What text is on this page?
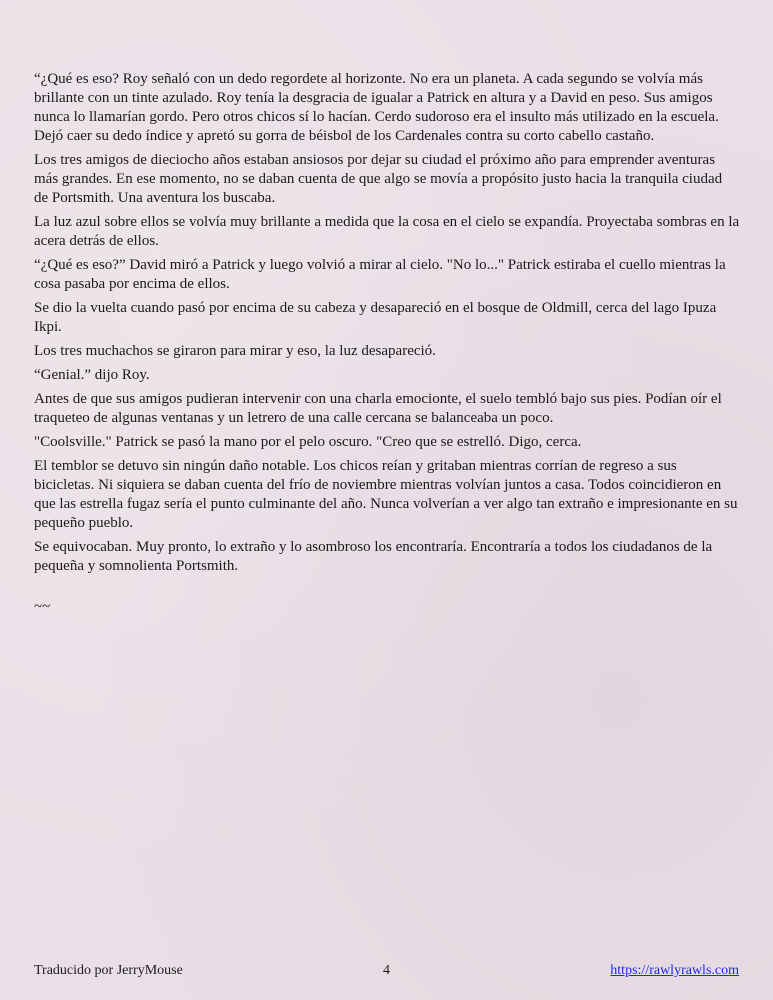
“¿Qué es eso? Roy señaló con un dedo regordete al horizonte. No era un planeta. A cada segundo se volvía más brillante con un tinte azulado. Roy tenía la desgracia de igualar a Patrick en altura y a David en peso. Sus amigos nunca lo llamarían gordo. Pero otros chicos sí lo hacían. Cerdo sudoroso era el insulto más utilizado en la escuela. Dejó caer su dedo índice y apretó su gorra de béisbol de los Cardenales contra su corto cabello castaño.

Los tres amigos de dieciocho años estaban ansiosos por dejar su ciudad el próximo año para emprender aventuras más grandes. En ese momento, no se daban cuenta de que algo se movía a propósito justo hacia la tranquila ciudad de Portsmith. Una aventura los buscaba.

La luz azul sobre ellos se volvía muy brillante a medida que la cosa en el cielo se expandía. Proyectaba sombras en la acera detrás de ellos.

“¿Qué es eso?” David miró a Patrick y luego volvió a mirar al cielo. "No lo..." Patrick estiraba el cuello mientras la cosa pasaba por encima de ellos.

Se dio la vuelta cuando pasó por encima de su cabeza y desapareció en el bosque de Oldmill, cerca del lago Ipuza Ikpi.

Los tres muchachos se giraron para mirar y eso, la luz desapareció.

“Genial.” dijo Roy.

Antes de que sus amigos pudieran intervenir con una charla emocionte, el suelo tembló bajo sus pies. Podían oír el traqueteo de algunas ventanas y un letrero de una calle cercana se balanceaba un poco.

"Coolsville." Patrick se pasó la mano por el pelo oscuro. "Creo que se estrelló. Digo, cerca.

El temblor se detuvo sin ningún daño notable. Los chicos reían y gritaban mientras corrían de regreso a sus bicicletas. Ni siquiera se daban cuenta del frío de noviembre mientras volvían juntos a casa. Todos coincidieron en que las estrella fugaz sería el punto culminante del año. Nunca volverían a ver algo tan extraño e impresionante en su pequeño pueblo.

Se equivocaban. Muy pronto, lo extraño y lo asombroso los encontraría. Encontraría a todos los ciudadanos de la pequeña y somnolienta Portsmith.

~~
Traducido por JerryMouse	4	https://rawlyrawls.com
